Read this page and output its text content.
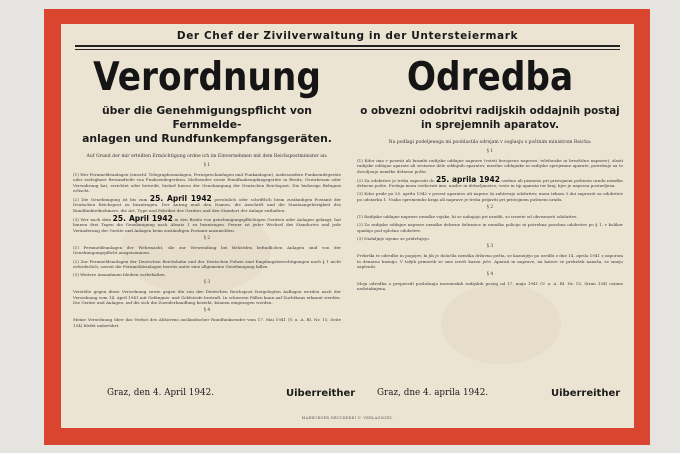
Der Chef der Zivilverwaltung in der Untersteiermark
Verordnung
über die Genehmigungspflicht von Fernmelde-
anlagen und Rundfunkempfangsgeräten.
Auf Grund der mir erteilten Ermächtigung ordne ich im Einvernehmen mit dem Reichspostminister an:
§ 1
(1) Wer Fernmeldeanlagen (einschl. Telegraphenanlagen, Fernsprechanlagen und Funkanlagen), insbesondere Funksendegeräte oder zerlegbare Bestandteile von Funksendegeräten, Meßsender sowie Rundfunkempfangsgeräte in Besitz, Gewahrsam oder Verwahrung hat, errichtet oder betreibt, bedarf hierzu der Genehmigung der Deutschen Reichspost. Die bisherige Befugnis erlischt.
(2) Die Genehmigung ist bis zum 25. April 1942 persönlich oder schriftlich beim zuständigen Postamt der Deutschen Reichspost zu beantragen. Der Antrag muß den Namen, die Anschrift und die Staatsangehörigkeit des Rundfunkteilnehmers, die Art, Type und Fabrikat des Gerätes und den Standort der Anlage enthalten.
(3) Wer nach dem 25. April 1942 in den Besitz von genehmigungspflichtigen Geräten oder Anlagen gelangt, hat binnen drei Tagen die Genehmigung nach Absatz 1 zu beantragen. Ferner ist jeder Wechsel des Standortes und jede Veränderung der Geräte und Anlagen beim zuständigen Postamt anzumelden.
§ 2
(1) Fernmeldeanlagen der Wehrmacht, die zur Verwendung bei Behörden befindlichen Anlagen sind von der Genehmigungspflicht ausgenommen.
(2) Zur Fernmeldeanlagen der Deutschen Reichsbahn und der Deutschen Polizei sind Empfangsberechtigungen nach § 1 nicht erforderlich, soweit die Fernmeldeanlagen bereits unter eine allgemeine Genehmigung fallen.
(3) Weitere Ausnahmen bleiben vorbehalten.
§ 3
Verstöße gegen diese Verordnung sowie gegen die von der Deutschen Reichspost festgelegten Auflagen werden nach der Verordnung vom 14. April 1941 mit Gefängnis- und Geldstrafe bestraft. In schweren Fällen kann auf Zuchthaus erkannt werden. Die Geräte und Anlagen, auf die sich die Zuwiderhandlung bezieht, können eingezogen werden.
§ 4
Meine Verordnung über das Verbot des Abhörens ausländischer Rundfunksender vom 17. Mai 1941 (V. u. A. Bl. Nr. 15, Seite 154) bleibt unberührt.
Odredba
o obvezni odobritvi radijskih oddajnih postaj
in sprejemnih aparatov.
Na podlagi podeljenega mi pooblastila odrejam v soglasju s poštnim ministrom Reicha:
§ 1
(1) Kdor ima v posesti ali hrambi radijske oddajne naprave (vsteti brzojavne naprave, telefonske in brezžične naprave), zlasti radijske oddajne aparate ali sestavne dele oddajnih aparatov, merilne oddajnike in radijske sprejemne aparate, potrebuje za to dovoljenje nemške državne pošte.
(2) Za odobritev je treba zaprositi do 25. aprila 1942 osebno ali pismeno pri pristojnem poštnem uradu nemške državne pošte. Prošnja mora vsebovati ime, naslov in državljanstvo, vrsto in tip aparata ter kraj, kjer je naprava postavljena.
(3) Kdor pride po 25. aprilu 1942 v posest aparatov ali naprav, ki zahtevajo odobritev, mora tekom 3 dni zaprositi za odobritev po odstavku 1. Vsako spremembo kraja ali naprave je treba prijaviti pri pristojnem poštnem uradu.
§ 2
(1) Radijske oddajne naprave nemške vojske, ki se nahajajo pri uradih, so izvzete od obveznosti odobritve.
(2) Za radijske oddajne naprave nemške državne železnice in nemške policije ni potrebna posebna odobritev po § 1, v kolikor spadajo pod splošno odobritev.
(3) Nadaljnje izjeme se pridržujejo.
§ 3
Prekrški te odredbe in pogojev, ki jih je določila nemška državna pošta, se kaznujejo po uredbi z dne 14. aprila 1941 z zaporom in denarno kaznijo. V težjih primerih se sme izreči kazen ječe. Aparati in naprave, na katere se prekršek nanaša, se smejo zapleniti.
§ 4
Moja odredba o prepovedi poslušanja inozemskih radijskih postaj od 17. maja 1941 (V. u. A. Bl. Nr. 15, Stran 154) ostane nedotaknjena.
Graz, den 4. April 1942.	Uiberreither Graz, dne 4. aprila 1942.	Uiberreither
MARBURGER DRUCKEREI U. VERLAGSGES.
